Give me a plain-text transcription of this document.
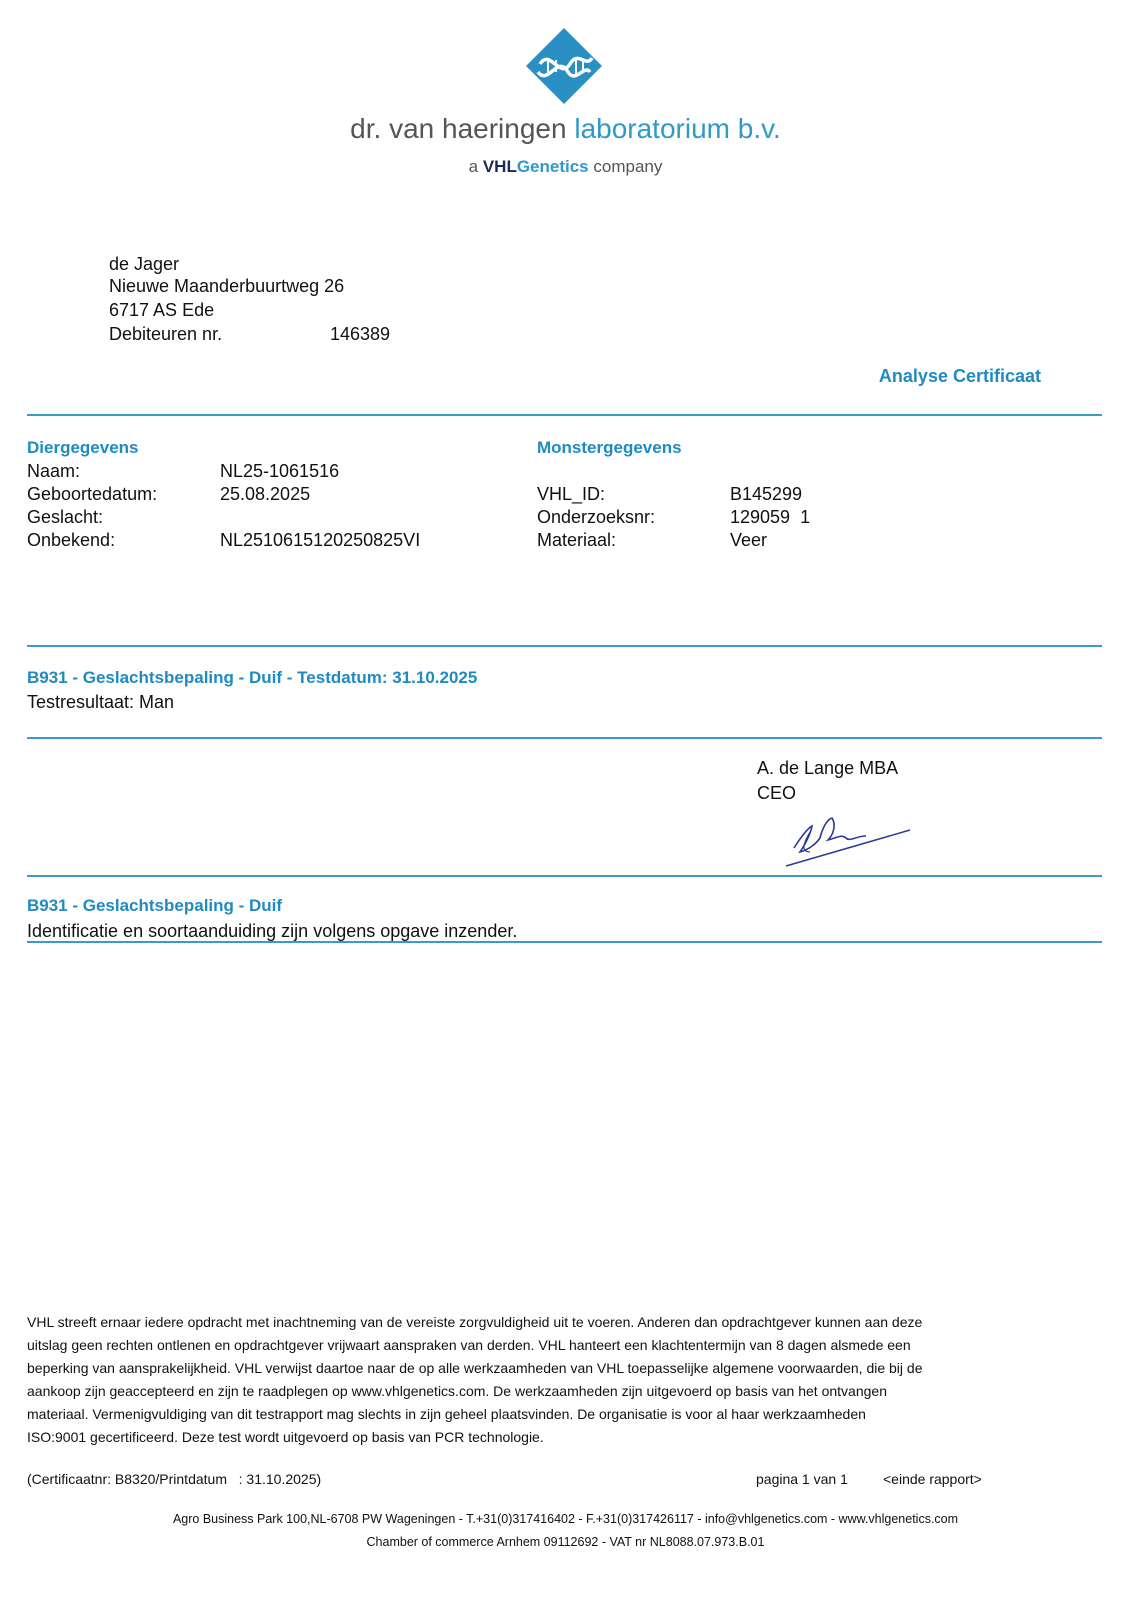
dr. van haeringen laboratorium b.v.
a VHLGenetics company
de Jager
Nieuwe Maanderbuurtweg 26
6717 AS Ede
Debiteuren nr.	146389
Analyse Certificaat
Diergegevens
Naam:	NL25-1061516
Geboortedatum:	25.08.2025
Geslacht:
Onbekend:	NL2510615120250825VI
Monstergegevens
VHL_ID:	B145299
Onderzoeksnr:	129059  1
Materiaal:	Veer
B931 - Geslachtsbepaling - Duif - Testdatum: 31.10.2025
Testresultaat: Man
A. de Lange MBA
CEO
B931 - Geslachtsbepaling - Duif
Identificatie en soortaanduiding zijn volgens opgave inzender.
VHL streeft ernaar iedere opdracht met inachtneming van de vereiste zorgvuldigheid uit te voeren. Anderen dan opdrachtgever kunnen aan deze
uitslag geen rechten ontlenen en opdrachtgever vrijwaart aanspraken van derden. VHL hanteert een klachtentermijn van 8 dagen alsmede een
beperking van aansprakelijkheid. VHL verwijst daartoe naar de op alle werkzaamheden van VHL toepasselijke algemene voorwaarden, die bij de
aankoop zijn geaccepteerd en zijn te raadplegen op www.vhlgenetics.com. De werkzaamheden zijn uitgevoerd op basis van het ontvangen
materiaal. Vermenigvuldiging van dit testrapport mag slechts in zijn geheel plaatsvinden. De organisatie is voor al haar werkzaamheden
ISO:9001 gecertificeerd. Deze test wordt uitgevoerd op basis van PCR technologie.
(Certificaatnr: B8320/Printdatum   : 31.10.2025)	pagina 1 van 1	<einde rapport>
Agro Business Park 100,NL-6708 PW Wageningen - T.+31(0)317416402 - F.+31(0)317426117 - info@vhlgenetics.com - www.vhlgenetics.com
Chamber of commerce Arnhem 09112692 - VAT nr NL8088.07.973.B.01
